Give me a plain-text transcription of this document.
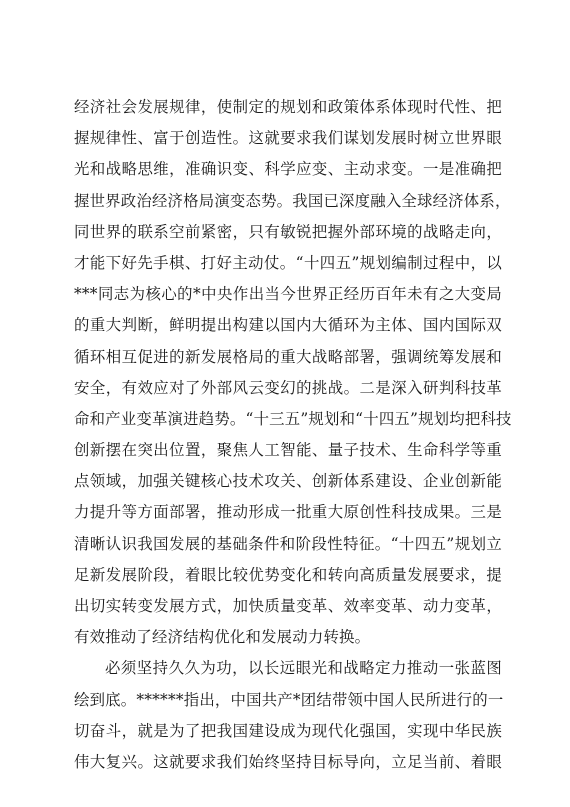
经济社会发展规律，使制定的规划和政策体系体现时代性、把
握规律性、富于创造性。这就要求我们谋划发展时树立世界眼
光和战略思维，准确识变、科学应变、主动求变。一是准确把
握世界政治经济格局演变态势。我国已深度融入全球经济体系，
同世界的联系空前紧密，只有敏锐把握外部环境的战略走向，
才能下好先手棋、打好主动仗。“十四五”规划编制过程中，以
***同志为核心的*中央作出当今世界正经历百年未有之大变局
的重大判断，鲜明提出构建以国内大循环为主体、国内国际双
循环相互促进的新发展格局的重大战略部署，强调统筹发展和
安全，有效应对了外部风云变幻的挑战。二是深入研判科技革
命和产业变革演进趋势。“十三五”规划和“十四五”规划均把科技
创新摆在突出位置，聚焦人工智能、量子技术、生命科学等重
点领域，加强关键核心技术攻关、创新体系建设、企业创新能
力提升等方面部署，推动形成一批重大原创性科技成果。三是
清晰认识我国发展的基础条件和阶段性特征。“十四五”规划立
足新发展阶段，着眼比较优势变化和转向高质量发展要求，提
出切实转变发展方式，加快质量变革、效率变革、动力变革，
有效推动了经济结构优化和发展动力转换。
必须坚持久久为功，以长远眼光和战略定力推动一张蓝图
绘到底。******指出，中国共产*团结带领中国人民所进行的一
切奋斗，就是为了把我国建设成为现代化强国，实现中华民族
伟大复兴。这就要求我们始终坚持目标导向，立足当前、着眼
